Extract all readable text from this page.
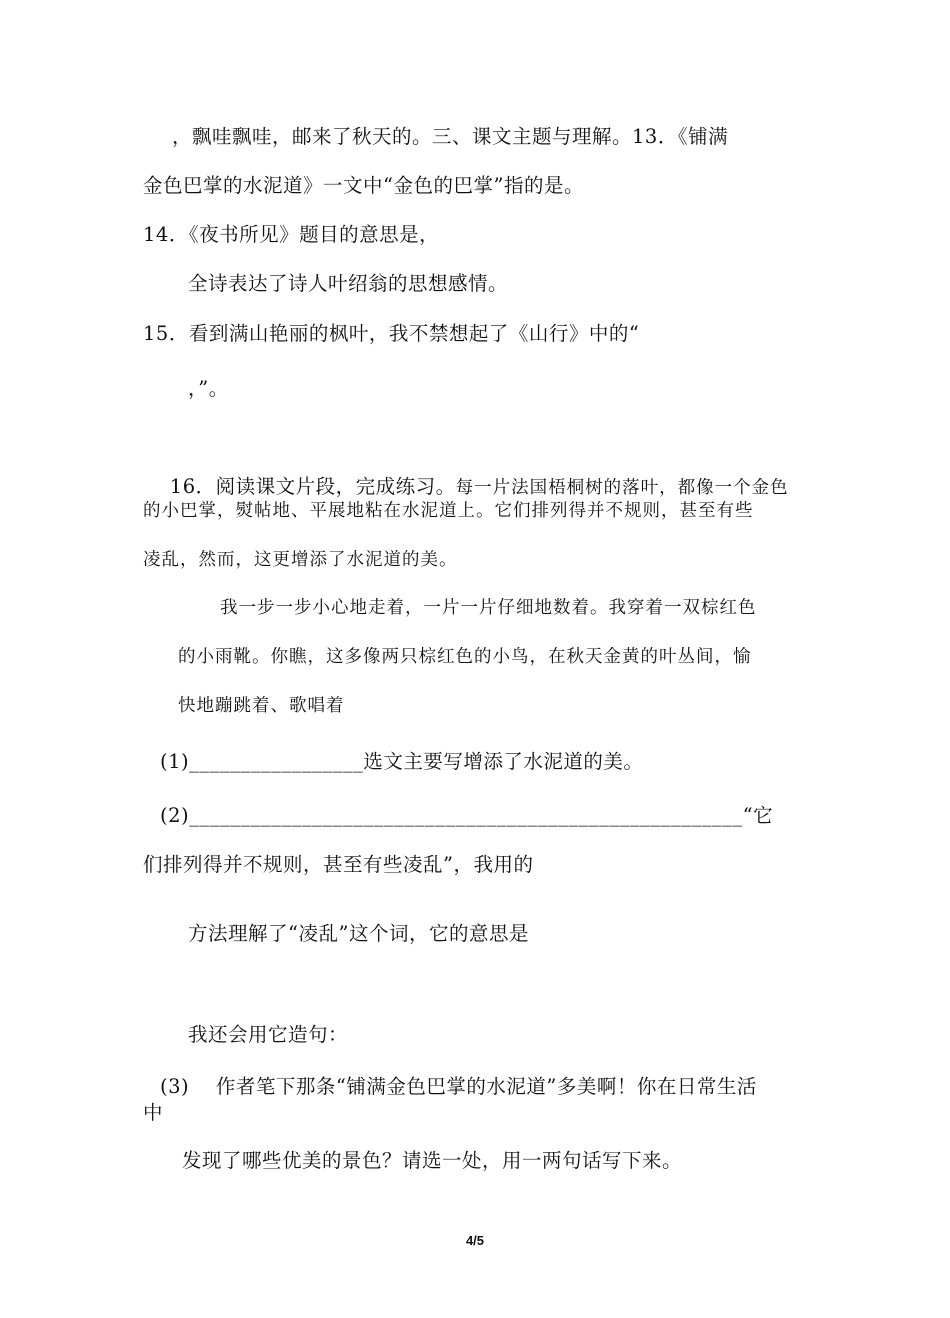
，飘哇飘哇，邮来了秋天的。三、课文主题与理解。13．《铺满
金色巴掌的水泥道》一文中“金色的巴掌”指的是。
14．《夜书所见》题目的意思是，
全诗表达了诗人叶绍翁的思想感情。
15．看到满山艳丽的枫叶，我不禁想起了《山行》中的“
，”。

16．阅读课文片段，完成练习。每一片法国梧桐树的落叶，都像一个金色

的小巴掌，熨帖地、平展地粘在水泥道上。它们排列得并不规则，甚至有些
凌乱，然而，这更增添了水泥道的美。
我一步一步小心地走着，一片一片仔细地数着。我穿着一双棕红色
的小雨靴。你瞧，这多像两只棕红色的小鸟，在秋天金黄的叶丛间，愉
快地蹦跳着、歌唱着
(1)_________________选文主要写增添了水泥道的美。
(2)______________________________________________________“它
们排列得并不规则，甚至有些凌乱”，我用的
方法理解了“凌乱”这个词，它的意思是
我还会用它造句：
(3)    作者笔下那条“铺满金色巴掌的水泥道”多美啊！你在日常生活
中
发现了哪些优美的景色？请选一处，用一两句话写下来。
4/5
